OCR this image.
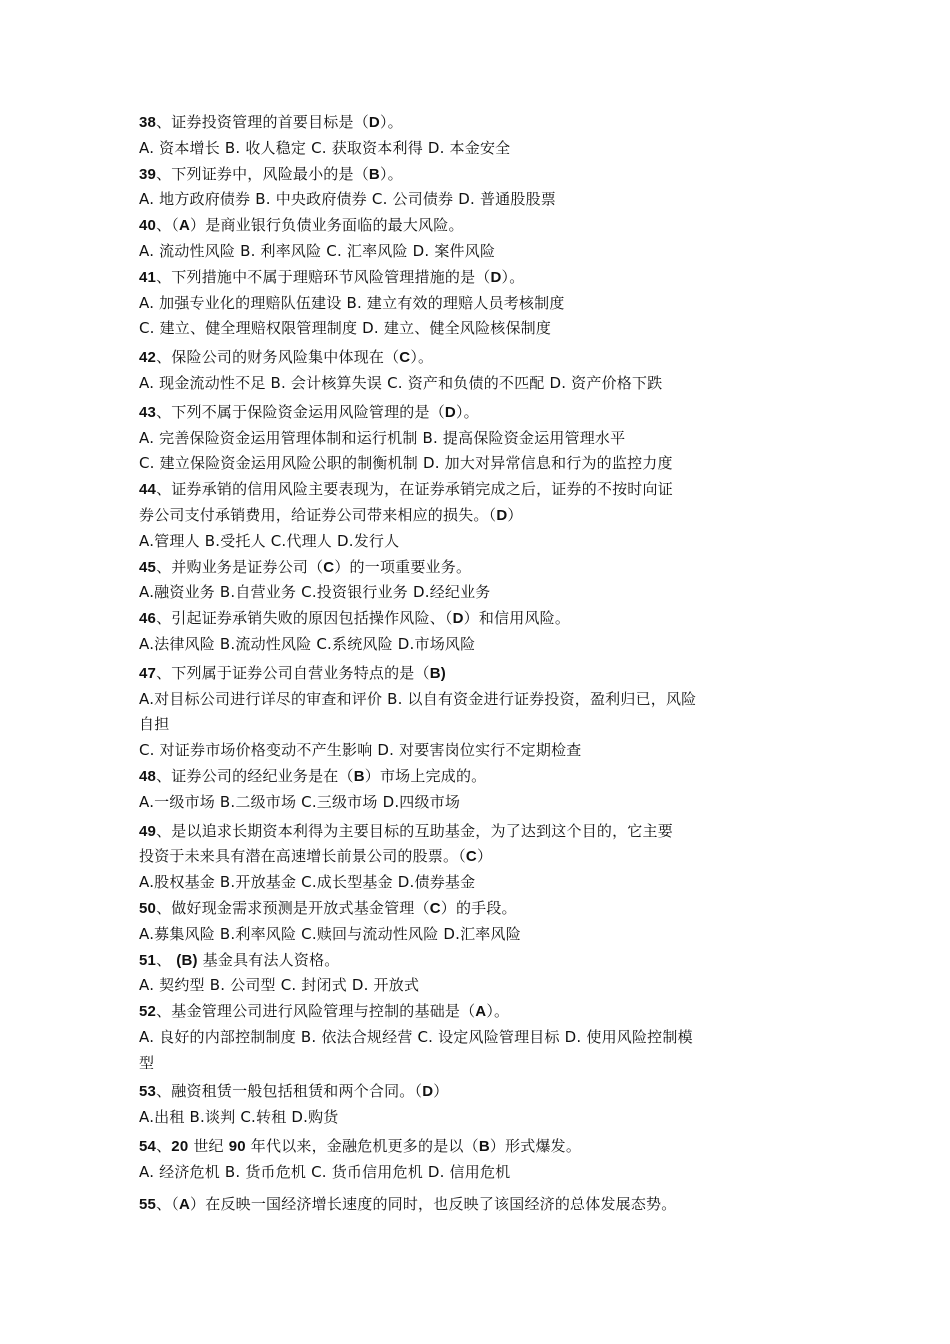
38、证券投资管理的首要目标是（D）。
A. 资本增长 B. 收人稳定 C. 获取资本利得 D. 本金安全
39、下列证券中，风险最小的是（B）。
A. 地方政府债券 B. 中央政府债券 C. 公司债券 D. 普通股股票
40、（A）是商业银行负债业务面临的最大风险。
A. 流动性风险 B. 利率风险 C. 汇率风险 D. 案件风险
41、下列措施中不属于理赔环节风险管理措施的是（D）。
A. 加强专业化的理赔队伍建设 B. 建立有效的理赔人员考核制度
C. 建立、健全理赔权限管理制度 D. 建立、健全风险核保制度
42、保险公司的财务风险集中体现在（C）。
A. 现金流动性不足 B. 会计核算失误 C. 资产和负债的不匹配 D. 资产价格下跌
43、下列不属于保险资金运用风险管理的是（D）。
A. 完善保险资金运用管理体制和运行机制 B. 提高保险资金运用管理水平
C. 建立保险资金运用风险公职的制衡机制 D. 加大对异常信息和行为的监控力度
44、证券承销的信用风险主要表现为，在证券承销完成之后，证券的不按时向证
券公司支付承销费用，给证券公司带来相应的损失。（D）
A.管理人 B.受托人 C.代理人 D.发行人
45、并购业务是证券公司（C）的一项重要业务。
A.融资业务 B.自营业务 C.投资银行业务 D.经纪业务
46、引起证券承销失败的原因包括操作风险、（D）和信用风险。
A.法律风险 B.流动性风险 C.系统风险 D.市场风险
47、下列属于证券公司自营业务特点的是（B)
A.对目标公司进行详尽的审查和评价 B. 以自有资金进行证券投资，盈利归已，风险
自担
C. 对证券市场价格变动不产生影响 D. 对要害岗位实行不定期检查
48、证券公司的经纪业务是在（B）市场上完成的。
A.一级市场 B.二级市场 C.三级市场 D.四级市场
49、是以追求长期资本利得为主要目标的互助基金，为了达到这个目的，它主要
投资于未来具有潜在高速增长前景公司的股票。（C）
A.股权基金 B.开放基金 C.成长型基金 D.债券基金
50、做好现金需求预测是开放式基金管理（C）的手段。
A.募集风险 B.利率风险 C.赎回与流动性风险 D.汇率风险
51、 (B) 基金具有法人资格。
A. 契约型 B. 公司型 C. 封闭式 D. 开放式
52、基金管理公司进行风险管理与控制的基础是（A）。
A. 良好的内部控制制度 B. 依法合规经营 C. 设定风险管理目标 D. 使用风险控制模
型
53、融资租赁一般包括租赁和两个合同。（D）
A.出租 B.谈判 C.转租 D.购货
54、20 世纪 90 年代以来，金融危机更多的是以（B）形式爆发。
A. 经济危机 B. 货币危机 C. 货币信用危机 D. 信用危机
55、（A）在反映一国经济增长速度的同时，也反映了该国经济的总体发展态势。
